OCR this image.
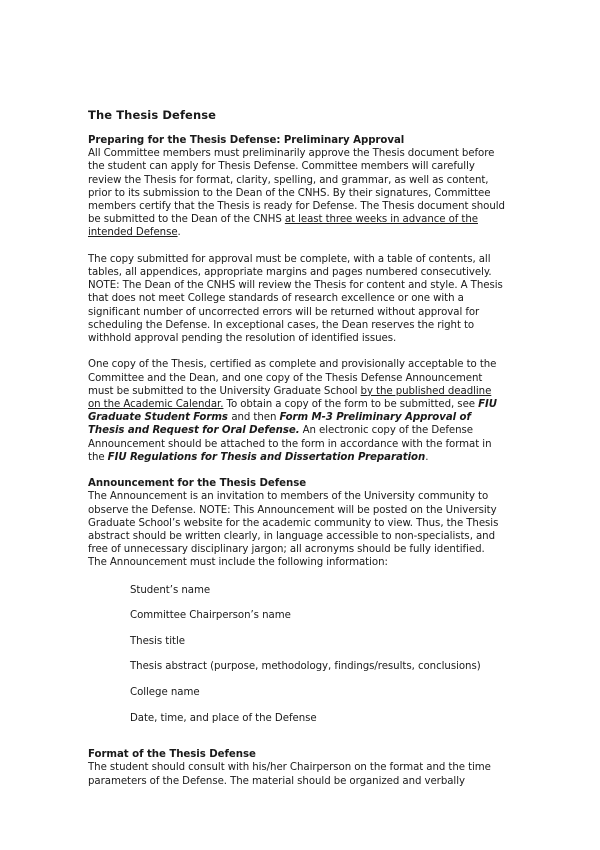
The Thesis Defense
Preparing for the Thesis Defense: Preliminary Approval

All Committee members must preliminarily approve the Thesis document before the student can apply for Thesis Defense. Committee members will carefully review the Thesis for format, clarity, spelling, and grammar, as well as content, prior to its submission to the Dean of the CNHS. By their signatures, Committee members certify that the Thesis is ready for Defense. The Thesis document should be submitted to the Dean of the CNHS at least three weeks in advance of the intended Defense.

The copy submitted for approval must be complete, with a table of contents, all tables, all appendices, appropriate margins and pages numbered consecutively. NOTE: The Dean of the CNHS will review the Thesis for content and style. A Thesis that does not meet College standards of research excellence or one with a significant number of uncorrected errors will be returned without approval for scheduling the Defense. In exceptional cases, the Dean reserves the right to withhold approval pending the resolution of identified issues.

One copy of the Thesis, certified as complete and provisionally acceptable to the Committee and the Dean, and one copy of the Thesis Defense Announcement must be submitted to the University Graduate School by the published deadline on the Academic Calendar. To obtain a copy of the form to be submitted, see FIU Graduate Student Forms and then Form M-3 Preliminary Approval of Thesis and Request for Oral Defense. An electronic copy of the Defense Announcement should be attached to the form in accordance with the format in the FIU Regulations for Thesis and Dissertation Preparation.

Announcement for the Thesis Defense

The Announcement is an invitation to members of the University community to observe the Defense. NOTE: This Announcement will be posted on the University Graduate School’s website for the academic community to view. Thus, the Thesis abstract should be written clearly, in language accessible to non-specialists, and free of unnecessary disciplinary jargon; all acronyms should be fully identified. The Announcement must include the following information:

Student’s name
Committee Chairperson’s name
Thesis title
Thesis abstract (purpose, methodology, findings/results, conclusions)
College name
Date, time, and place of the Defense
Format of the Thesis Defense

The student should consult with his/her Chairperson on the format and the time parameters of the Defense. The material should be organized and verbally
